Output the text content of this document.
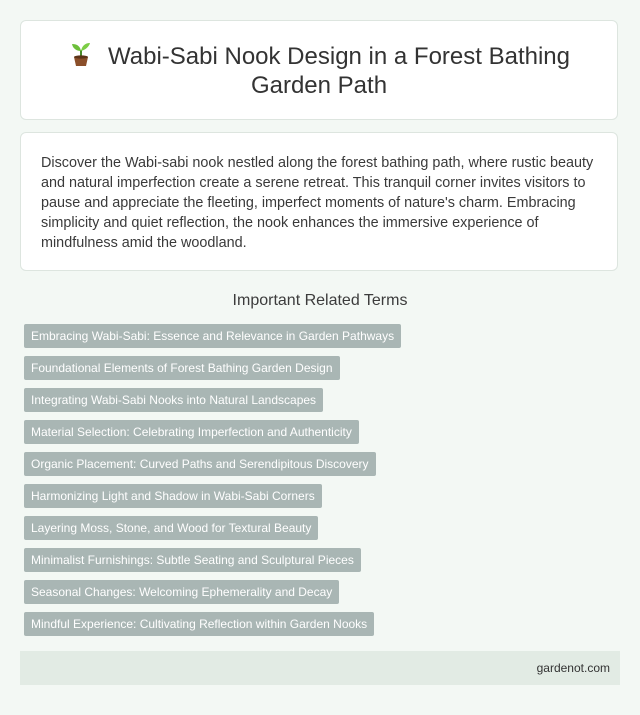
Wabi-Sabi Nook Design in a Forest Bathing Garden Path

Discover the Wabi-sabi nook nestled along the forest bathing path, where rustic beauty and natural imperfection create a serene retreat. This tranquil corner invites visitors to pause and appreciate the fleeting, imperfect moments of nature's charm. Embracing simplicity and quiet reflection, the nook enhances the immersive experience of mindfulness amid the woodland.

Important Related Terms
Embracing Wabi-Sabi: Essence and Relevance in Garden Pathways
Foundational Elements of Forest Bathing Garden Design
Integrating Wabi-Sabi Nooks into Natural Landscapes
Material Selection: Celebrating Imperfection and Authenticity
Organic Placement: Curved Paths and Serendipitous Discovery
Harmonizing Light and Shadow in Wabi-Sabi Corners
Layering Moss, Stone, and Wood for Textural Beauty
Minimalist Furnishings: Subtle Seating and Sculptural Pieces
Seasonal Changes: Welcoming Ephemerality and Decay
Mindful Experience: Cultivating Reflection within Garden Nooks
gardenot.com
